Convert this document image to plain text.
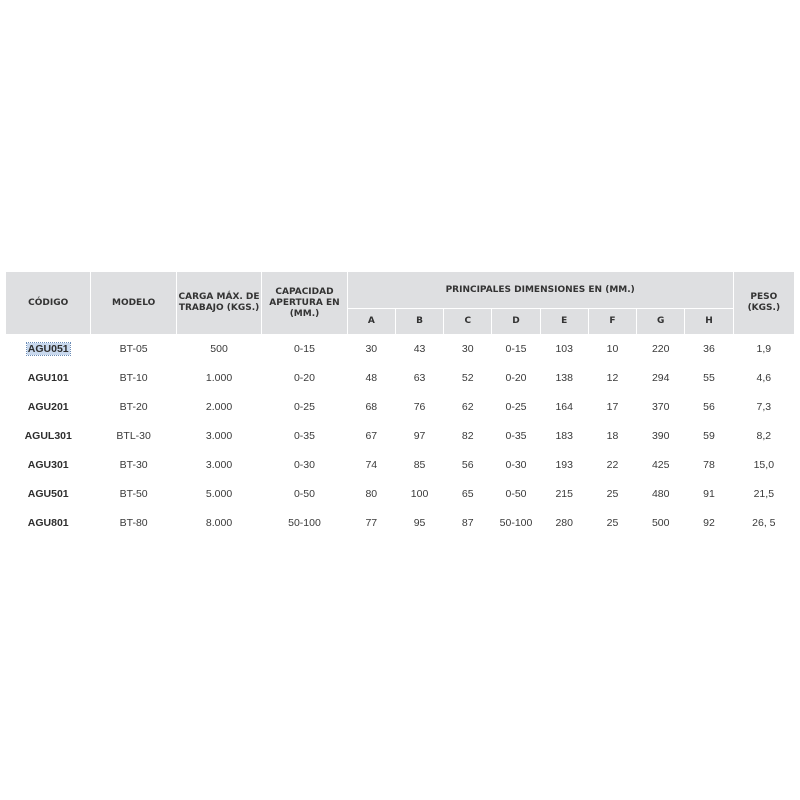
CÓDIGO	MODELO	CARGA MÁX. DE TRABAJO (KGS.)	CAPACIDAD APERTURA EN (MM.)	PRINCIPALES DIMENSIONES EN (MM.)								PESO (KGS.)
				A	B	C	D	E	F	G	H	
AGU051	BT-05	500	0-15	30	43	30	0-15	103	10	220	36	1,9
AGU101	BT-10	1.000	0-20	48	63	52	0-20	138	12	294	55	4,6
AGU201	BT-20	2.000	0-25	68	76	62	0-25	164	17	370	56	7,3
AGUL301	BTL-30	3.000	0-35	67	97	82	0-35	183	18	390	59	8,2
AGU301	BT-30	3.000	0-30	74	85	56	0-30	193	22	425	78	15,0
AGU501	BT-50	5.000	0-50	80	100	65	0-50	215	25	480	91	21,5
AGU801	BT-80	8.000	50-100	77	95	87	50-100	280	25	500	92	26, 5
